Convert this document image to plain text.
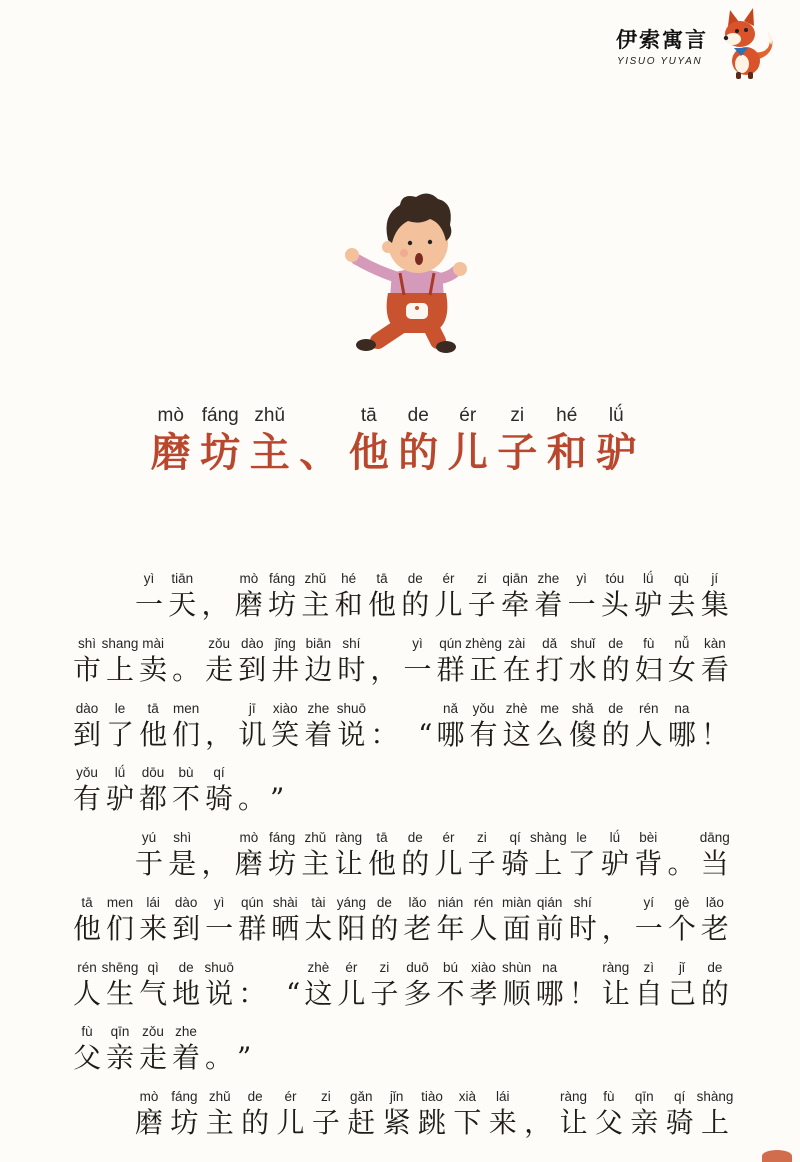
伊索寓言
YISUO YUYAN
mò
磨
fáng
坊
zhǔ
主 、
tā
他
de
的
ér
儿
zi
子
hé
和
lǘ
驴
yì
一
tiān
天 ，
mò
磨
fáng
坊
zhǔ
主
hé
和
tā
他
de
的
ér
儿
zi
子
qiān
牵
zhe
着
yì
一
tóu
头
lǘ
驴
qù
去
jí
集
shì
市
shang
上
mài
卖 。
zǒu
走
dào
到
jǐng
井
biān
边
shí
时 ，
yì
一
qún
群
zhèng
正
zài
在
dǎ
打
shuǐ
水
de
的
fù
妇
nǚ
女
kàn
看
dào
到
le
了
tā
他
men
们 ，
jī
讥
xiào
笑
zhe
着
shuō
说 ： “
nǎ
哪
yǒu
有
zhè
这
me
么
shǎ
傻
de
的
rén
人
na
哪 ！
yǒu
有
lǘ
驴
dōu
都
bù
不
qí
骑 。 ”
yú
于
shì
是 ，
mò
磨
fáng
坊
zhǔ
主
ràng
让
tā
他
de
的
ér
儿
zi
子
qí
骑
shàng
上
le
了
lǘ
驴
bèi
背 。
dāng
当
tā
他
men
们
lái
来
dào
到
yì
一
qún
群
shài
晒
tài
太
yáng
阳
de
的
lǎo
老
nián
年
rén
人
miàn
面
qián
前
shí
时 ，
yí
一
gè
个
lǎo
老
rén
人
shēng
生
qì
气
de
地
shuō
说 ： “
zhè
这
ér
儿
zi
子
duō
多
bú
不
xiào
孝
shùn
顺
na
哪 ！
ràng
让
zì
自
jǐ
己
de
的
fù
父
qīn
亲
zǒu
走
zhe
着 。 ”
mò
磨
fáng
坊
zhǔ
主
de
的
ér
儿
zi
子
gǎn
赶
jǐn
紧
tiào
跳
xià
下
lái
来 ，
ràng
让
fù
父
qīn
亲
qí
骑
shàng
上
